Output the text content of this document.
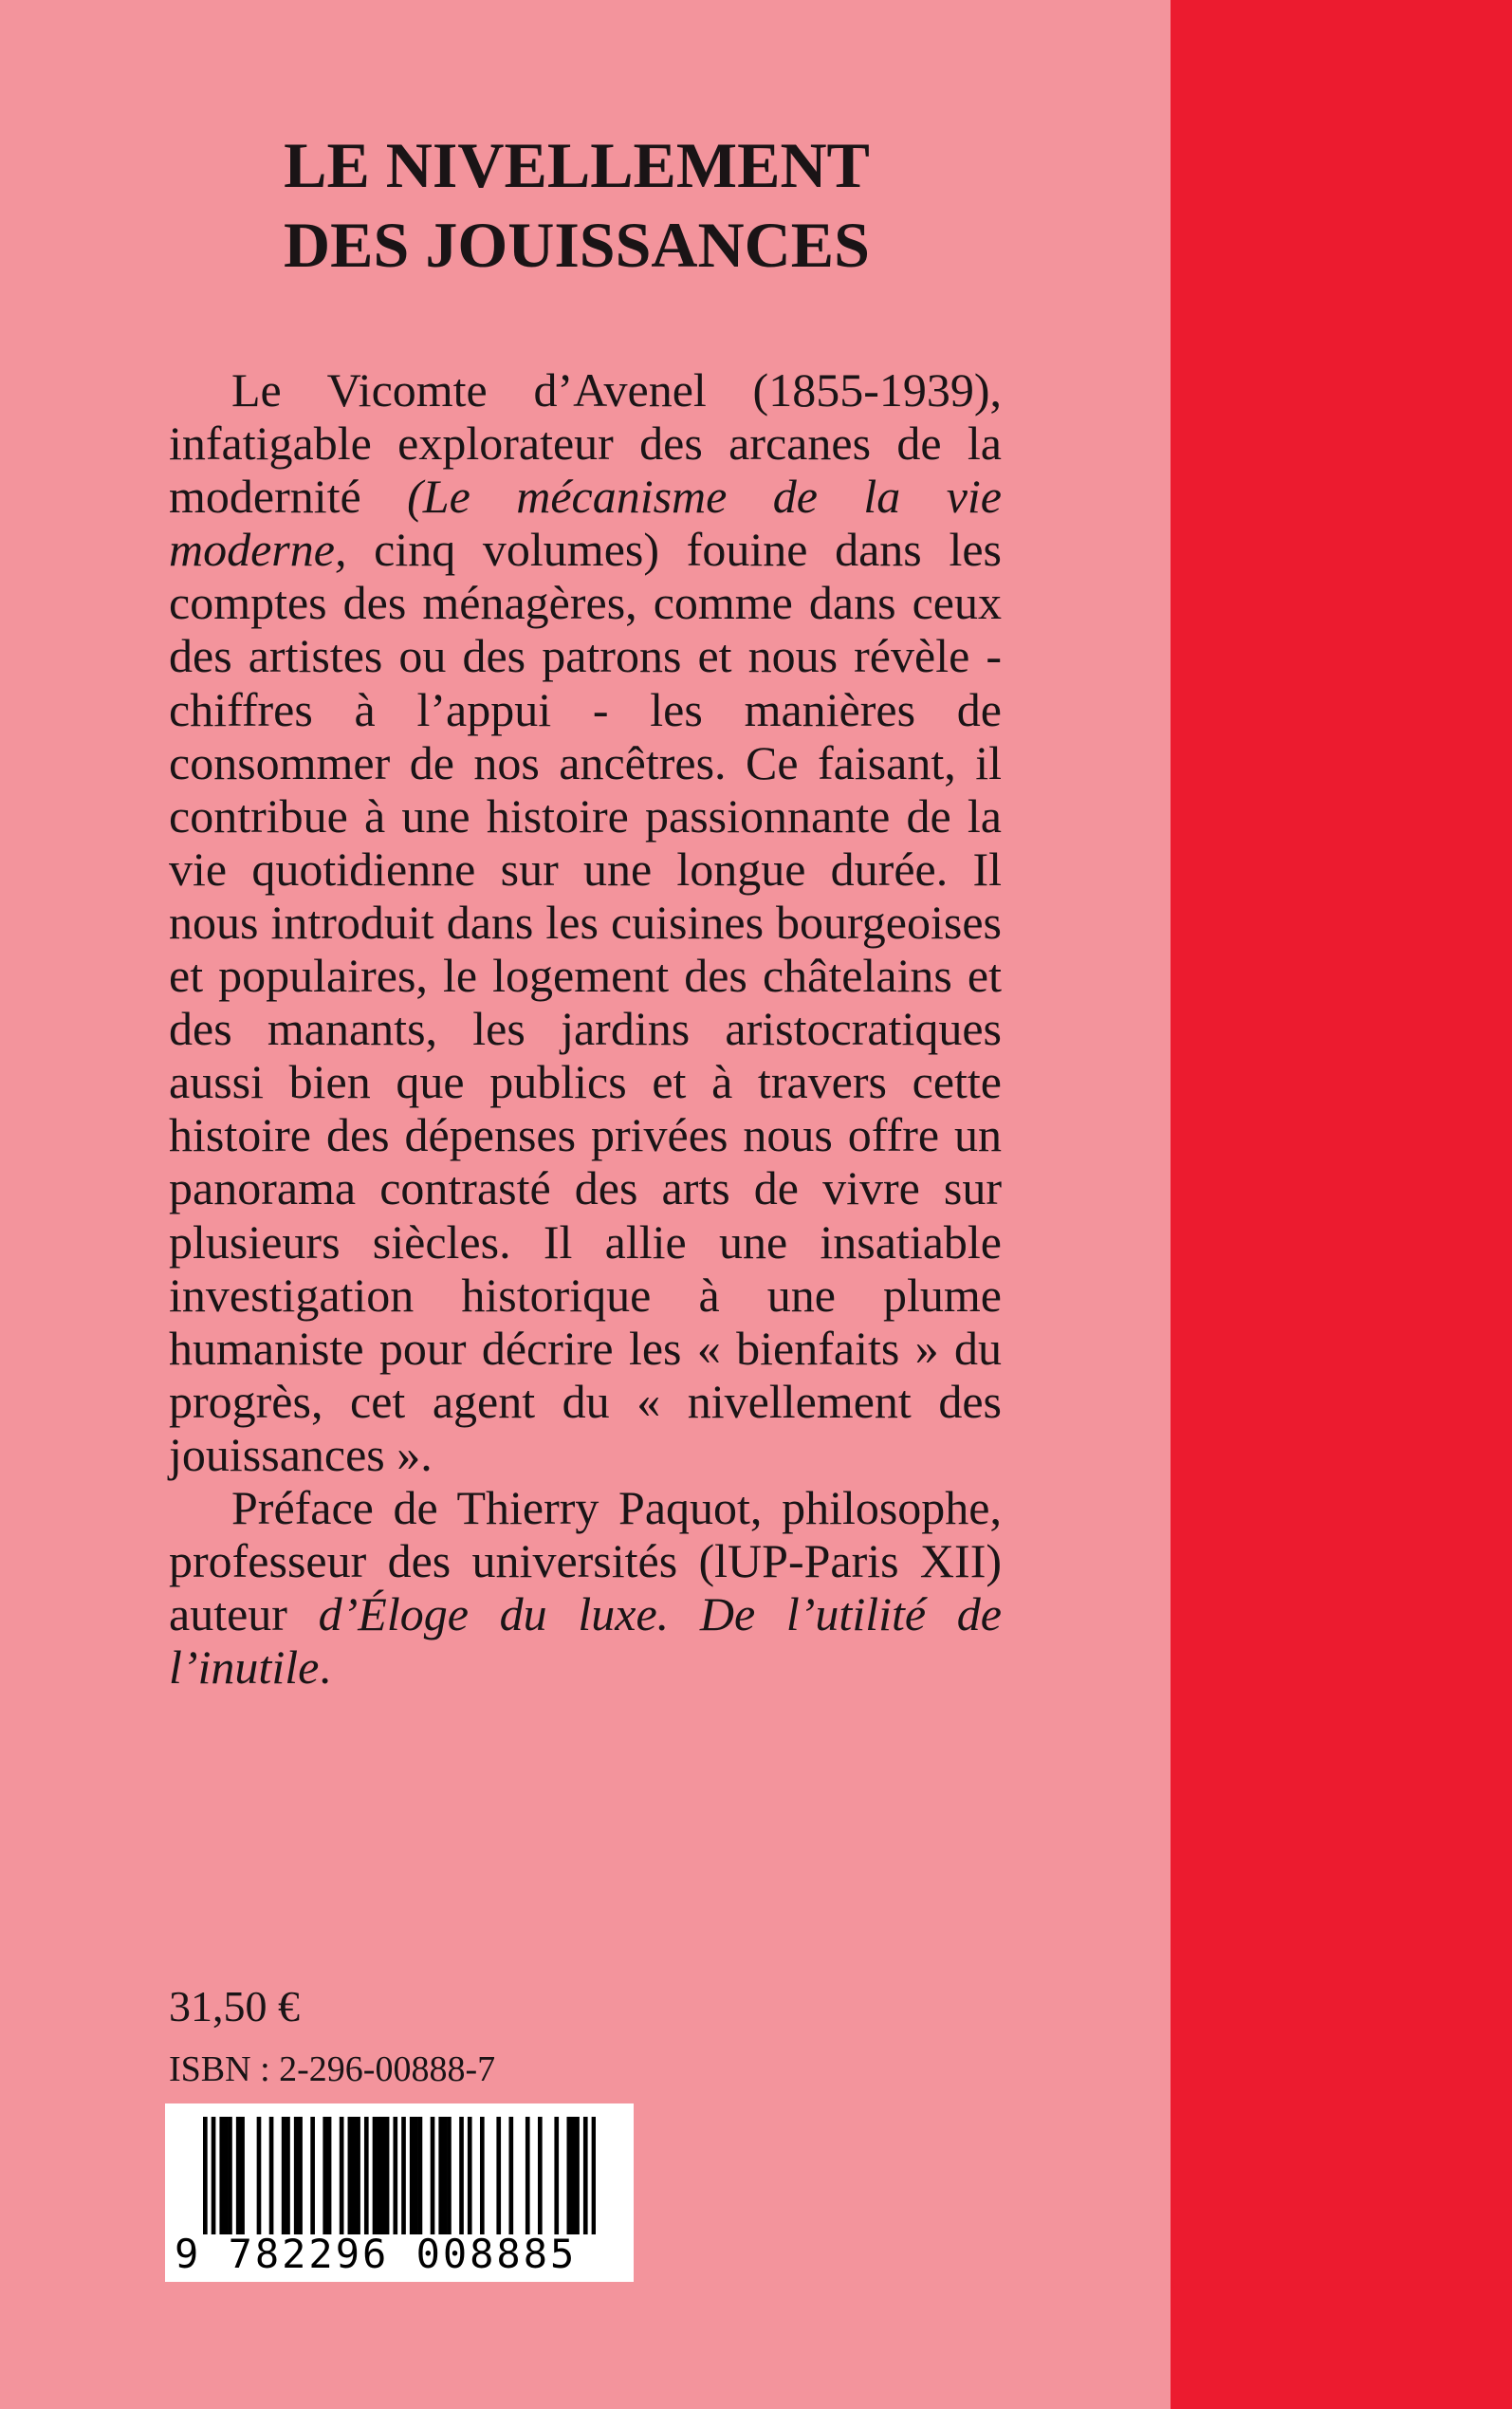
LE NIVELLEMENT
DES JOUISSANCES

Le Vicomte d’Avenel (1855-1939), infatigable explorateur des arcanes de la modernité (Le mécanisme de la vie moderne, cinq volumes) fouine dans les comptes des ménagères, comme dans ceux des artistes ou des patrons et nous révèle - chiffres à l’appui - les manières de consommer de nos ancêtres. Ce faisant, il contribue à une histoire passionnante de la vie quotidienne sur une longue durée. Il nous introduit dans les cuisines bourgeoises et populaires, le logement des châtelains et des manants, les jardins aristocratiques aussi bien que publics et à travers cette histoire des dépenses privées nous offre un panorama contrasté des arts de vivre sur plusieurs siècles. Il allie une insatiable investigation historique à une plume humaniste pour décrire les « bienfaits » du progrès, cet agent du « nivellement des jouissances ».

Préface de Thierry Paquot, philosophe, professeur des universités (lUP-Paris XII) auteur d’Éloge du luxe. De l’utilité de l’inutile.

31,50 €
ISBN : 2-296-00888-7
9 782296 008885
